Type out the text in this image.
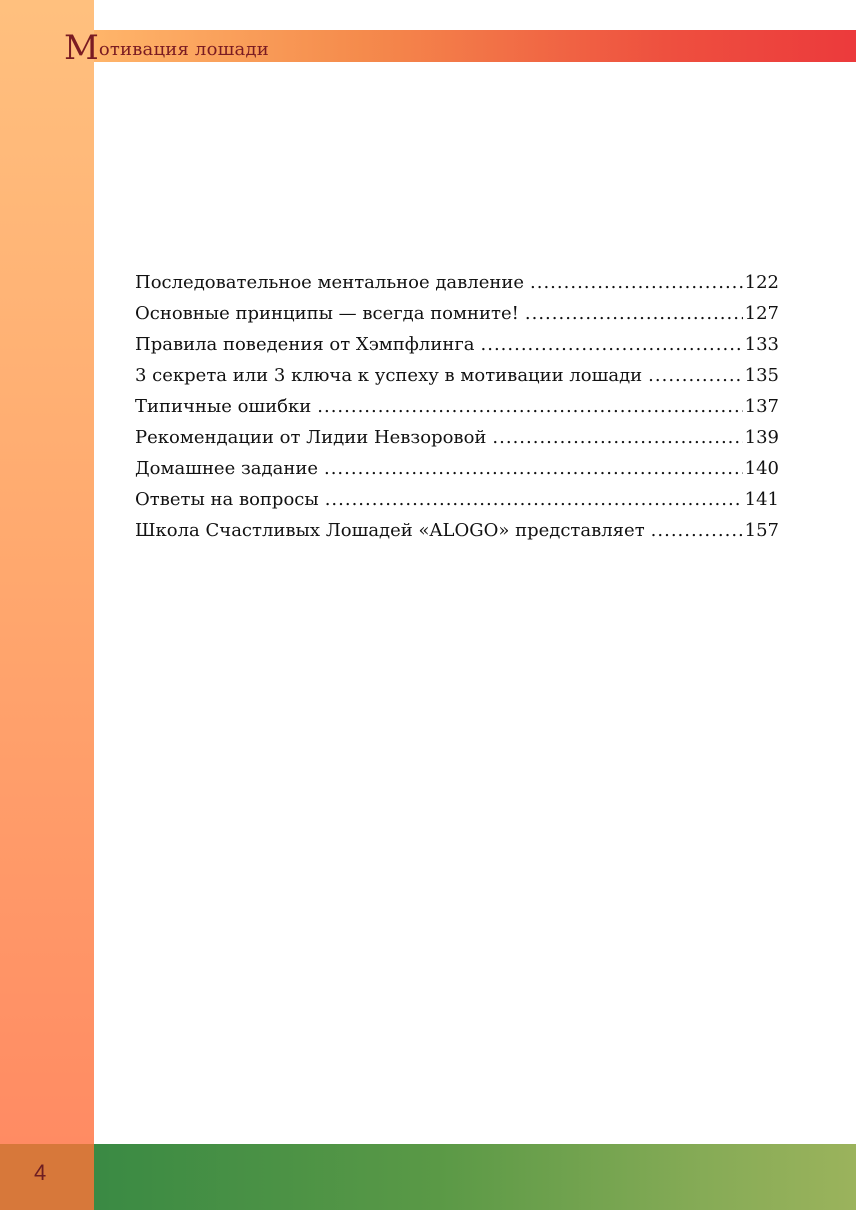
М отивация лошади
Последовательное ментальное давление .....	122
Основные принципы — всегда помните! .....	127
Правила поведения от Хэмпфлинга .....	133
3 секрета или 3 ключа к успеху в мотивации лошади .....	135
Типичные ошибки .....	137
Рекомендации от Лидии Невзоровой .....	139
Домашнее задание .....	140
Ответы на вопросы .....	141
Школа Счастливых Лошадей «ALOGO» представляет .....	157
4
